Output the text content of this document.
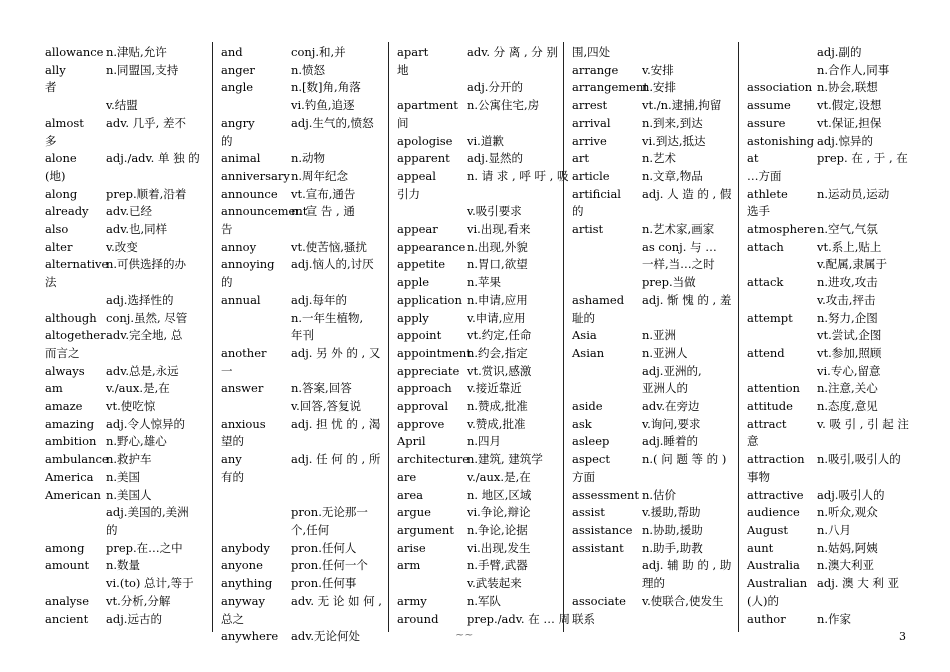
allowance n.津贴,允许
ally	n.同盟国,支持
者
v.结盟
almost adv. 几乎, 差不
多
alone	adj./adv. 单 独 的
(地)
along	prep.顺着,沿着
already adv.已经
also	adv.也,同样
alter	v.改变
alternativen.可供选择的办
法
adj.选择性的
although conj.虽然, 尽管
altogetheradv.完全地, 总
而言之
always adv.总是,永远
am	v./aux.是,在
amaze vt.使吃惊
amazing adj.令人惊异的
ambition n.野心,雄心
ambulancen.救护车
America n.美国
American n.美国人
adj.美国的,美洲
的
among prep.在…之中
amount n.数量
vi.(to) 总计,等于
analyse vt.分析,分解
ancient adj.远古的
and	conj.和,并
anger	n.愤怒
angle	n.[数]角,角落
vi.钓鱼,追逐
angry	adj.生气的,愤怒
的
animal	n.动物
anniversaryn.周年纪念
announce vt.宣布,通告
announcementn. 宣 告 , 通
告
annoy	vt.使苦恼,骚扰
annoying adj.恼人的,讨厌
的
annual	adj.每年的
n.一年生植物,
年刊
another adj. 另 外 的 , 又
一
answer n.答案,回答
v.回答,答复说
anxious adj. 担 忧 的 , 渴
望的
any	adj. 任 何 的 , 所
有的

pron.无论那一
个,任何
anybody pron.任何人
anyone pron.任何一个
anything pron.任何事
anyway adv. 无 论 如 何 ,
总之
anywhere adv.无论何处
apart	adv. 分 离 , 分 别
地
adj.分开的
apartment n.公寓住宅,房
间
apologise vi.道歉
apparent adj.显然的
appeal	n. 请 求 , 呼 吁 , 吸
引力
v.吸引要求
appear	vi.出现,看来
appearance n.出现,外貌
appetite n.胃口,欲望
apple	n.苹果
application n.申请,应用
apply	v.申请,应用
appoint vt.约定,任命
appointmentn.约会,指定
appreciate vt.赏识,感激
approach v.接近靠近
approval n.赞成,批准
approve v.赞成,批准
April	n.四月
architecturen.建筑, 建筑学
are	v./aux.是,在
area	n. 地区,区域
argue	vi.争论,辩论
argument n.争论,论据
arise	vi.出现,发生
arm	n.手臂,武器
v.武装起来
army	n.军队
around prep./adv. 在 … 周
围,四处
arrange v.安排
arrangementn.安排
arrest	vt./n.逮捕,拘留
arrival	n.到来,到达
arrive	vi.到达,抵达
art	n.艺术
article	n.文章,物品
artificial adj. 人 造 的 , 假
的
artist	n.艺术家,画家
as conj. 与 …
一样,当…之时
prep.当做
ashamed adj. 惭 愧 的 , 羞
耻的
Asia	n.亚洲
Asian	n.亚洲人
adj.亚洲的,
亚洲人的
aside	adv.在旁边
ask	v.询问,要求
asleep	adj.睡着的
aspect	n.( 问 题 等 的 )
方面
assessment n.估价
assist	v.援助,帮助
assistance n.协助,援助
assistant n.助手,助教
adj. 辅 助 的 , 助
理的
associate v.使联合,使发生
联系
adj.副的
n.合作人,同事
association n.协会,联想
assume vt.假定,设想
assure	vt.保证,担保
astonishing adj.惊异的
at	prep. 在 , 于 , 在
…方面
athlete	n.运动员,运动
选手
atmospheren.空气,气氛
attach	vt.系上,贴上
v.配属,隶属于
attack	n.进攻,攻击
v.攻击,抨击
attempt n.努力,企图
vt.尝试,企图
attend	vt.参加,照顾
vi.专心,留意
attention n.注意,关心
attitude n.态度,意见
attract	v. 吸 引 , 引 起 注
意
attraction n.吸引,吸引人的
事物
attractive adj.吸引人的
audience n.听众,观众
August	n.八月
aunt	n.姑妈,阿姨
Australia n.澳大利亚
Australian adj. 澳 大 利 亚
(人)的
author	n.作家
~~	3
